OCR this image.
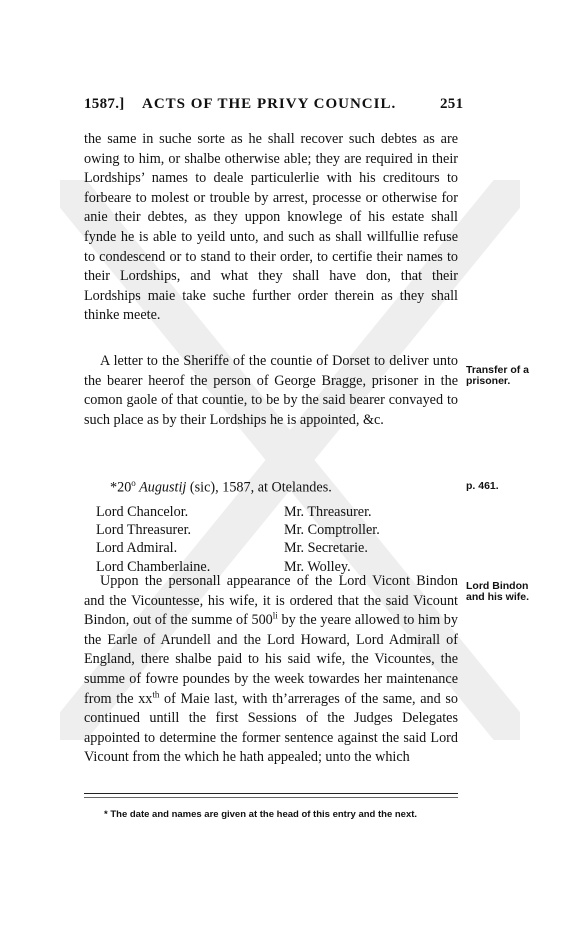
1587.] ACTS OF THE PRIVY COUNCIL.	251

the same in suche sorte as he shall recover such debtes as are owing to him, or shalbe otherwise able; they are required in their Lordships’ names to deale particulerlie with his creditours to forbeare to molest or trouble by arrest, processe or otherwise for anie their debtes, as they uppon knowlege of his estate shall fynde he is able to yeild unto, and such as shall willfullie refuse to condescend or to stand to their order, to certifie their names to their Lordships, and what they shall have don, that their Lordships maie take suche further order therein as they shall thinke meete.

A letter to the Sheriffe of the countie of Dorset to deliver unto the bearer heerof the person of George Bragge, prisoner in the comon gaole of that countie, to be by the said bearer convayed to such place as by their Lordships he is appointed, &c.

Transfer of a prisoner.
*20$^o$ Augustij (sic), 1587, at Otelandes.	p. 461.
Lord Chancelor.	Mr. Threasurer.
Lord Threasurer.	Mr. Comptroller.
Lord Admiral.	Mr. Secretarie.
Lord Chamberlaine.	Mr. Wolley.

Uppon the personall appearance of the Lord Vicont Bindon and the Vicountesse, his wife, it is ordered that the said Vicount Bindon, out of the summe of $500^{li}$ by the yeare allowed to him by the Earle of Arundell and the Lord Howard, Lord Admirall of England, there shalbe paid to his said wife, the Vicountes, the summe of fowre poundes by the week towardes her maintenance from the $xx^{th}$ of Maie last, with th’arrerages of the same, and so continued untill the first Sessions of the Judges Delegates appointed to determine the former sentence against the said Lord Vicount from the which he hath appealed; unto the which

Lord Bindon and his wife.
* The date and names are given at the head of this entry and the next.
